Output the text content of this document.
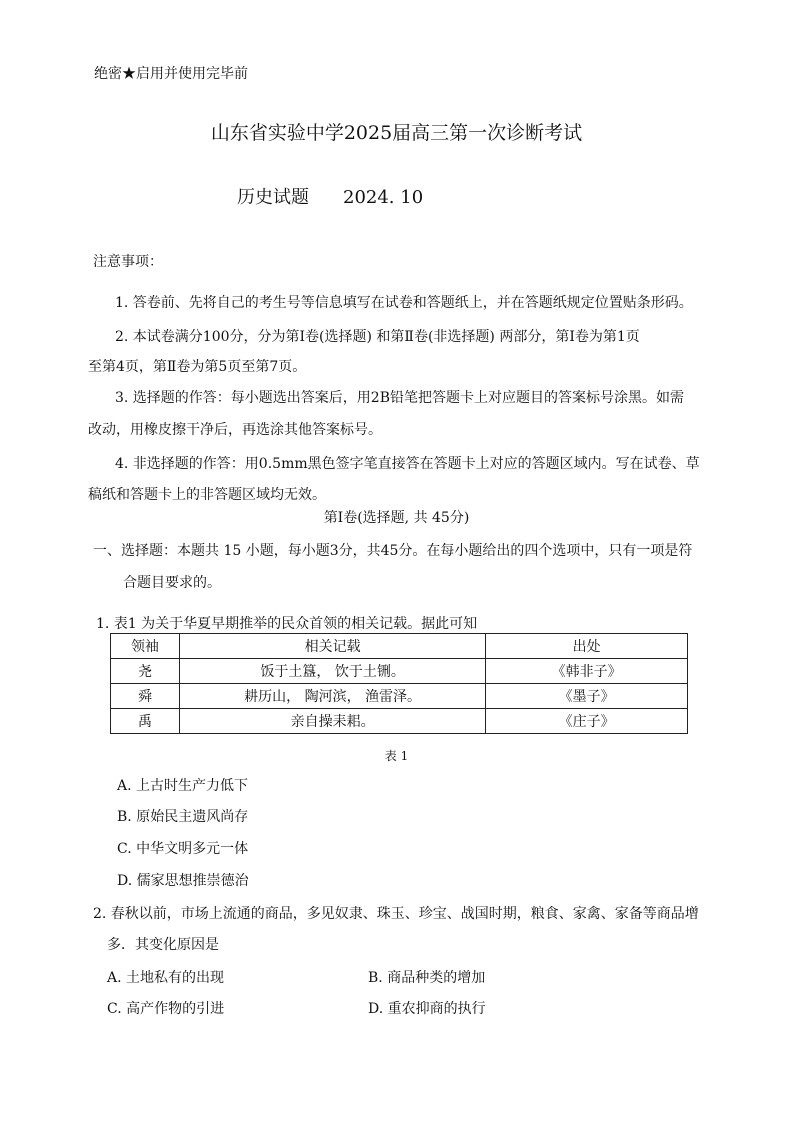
绝密★启用并使用完毕前
山东省实验中学2025届高三第一次诊断考试
历史试题 2024. 10
注意事项：
1. 答卷前、先将自己的考生号等信息填写在试卷和答题纸上，并在答题纸规定位置贴条形码。
2. 本试卷满分100分，分为第Ⅰ卷(选择题) 和第Ⅱ卷(非选择题) 两部分，第Ⅰ卷为第1页
至第4页，第Ⅱ卷为第5页至第7页。
3. 选择题的作答：每小题选出答案后，用2B铅笔把答题卡上对应题目的答案标号涂黑。如需
改动，用橡皮擦干净后，再选涂其他答案标号。
4. 非选择题的作答：用0.5mm黑色签字笔直接答在答题卡上对应的答题区域内。写在试卷、草
稿纸和答题卡上的非答题区域均无效。
第Ⅰ卷(选择题, 共 45分)
一、选择题：本题共 15 小题，每小题3分，共45分。在每小题给出的四个选项中，只有一项是符
合题目要求的。
1. 表1 为关于华夏早期推举的民众首领的相关记载。据此可知
领袖	相关记载	出处
尧	饭于土簋， 饮于土铏。	《韩非子》
舜	耕历山， 陶河滨， 渔雷泽。	《墨子》
禹	亲自操耒耜。	《庄子》
表 1
A. 上古时生产力低下
B. 原始民主遗风尚存
C. 中华文明多元一体
D. 儒家思想推崇德治
2. 春秋以前，市场上流通的商品，多见奴隶、珠玉、珍宝、战国时期，粮食、家禽、家备等商品增
多．其变化原因是
A. 土地私有的出现	B. 商品种类的增加
C. 高产作物的引进	D. 重农抑商的执行
